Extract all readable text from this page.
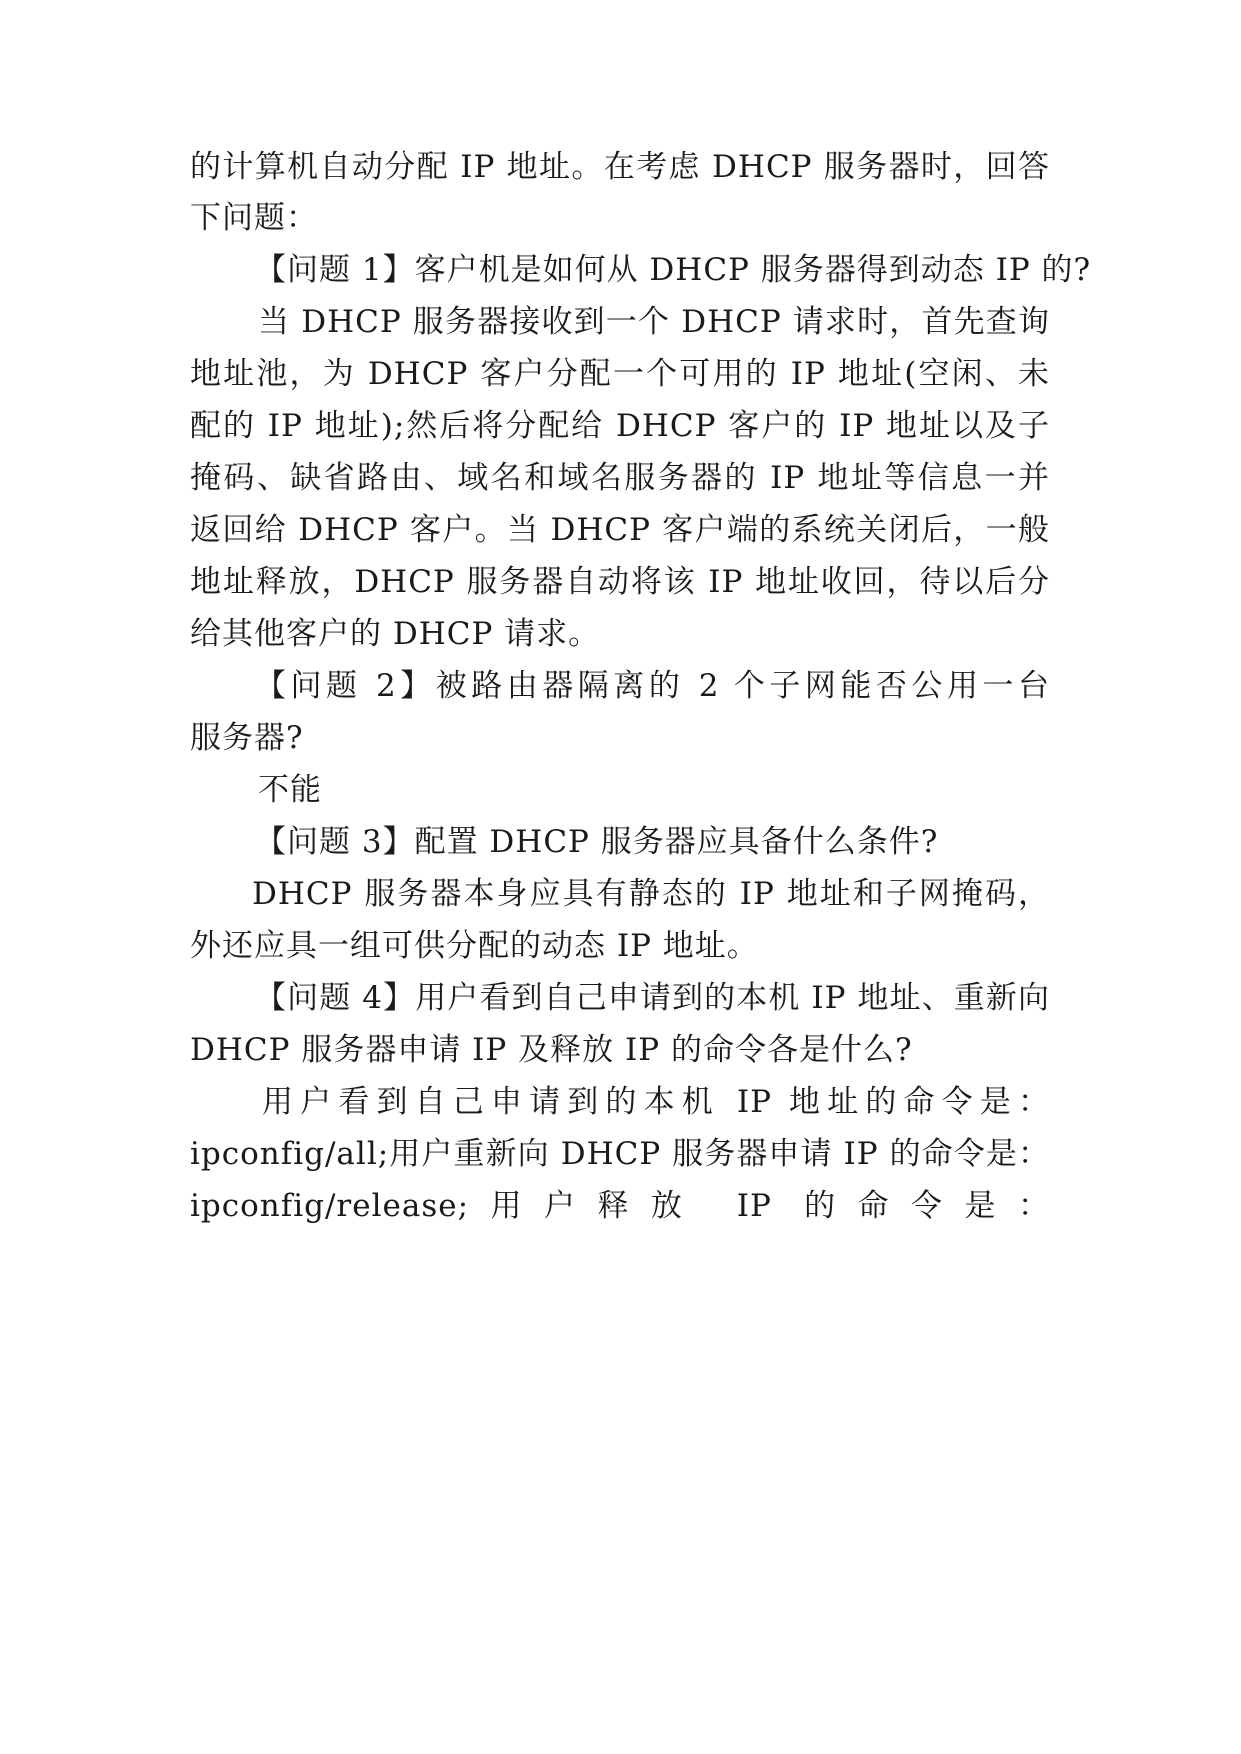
的计算机自动分配 IP 地址。在考虑 DHCP 服务器时，回答
下问题：
【问题 1】客户机是如何从 DHCP 服务器得到动态 IP 的?
当 DHCP 服务器接收到一个 DHCP 请求时，首先查询
地址池，为 DHCP 客户分配一个可用的 IP 地址(空闲、未
配的 IP 地址);然后将分配给 DHCP 客户的 IP 地址以及子
掩码、缺省路由、域名和域名服务器的 IP 地址等信息一并
返回给 DHCP 客户。当 DHCP 客户端的系统关闭后，一般
地址释放，DHCP 服务器自动将该 IP 地址收回，待以后分
给其他客户的 DHCP 请求。
【问题 2】被路由器隔离的 2 个子网能否公用一台
服务器?
不能
【问题 3】配置 DHCP 服务器应具备什么条件?
DHCP 服务器本身应具有静态的 IP 地址和子网掩码，
外还应具一组可供分配的动态 IP 地址。
【问题 4】用户看到自己申请到的本机 IP 地址、重新向
DHCP 服务器申请 IP 及释放 IP 的命令各是什么?
用户看到自己申请到的本机 IP 地址的命令是：
ipconfig/all;用户重新向 DHCP 服务器申请 IP 的命令是：
ipconfig/release;用户释放 IP 的命令是：
